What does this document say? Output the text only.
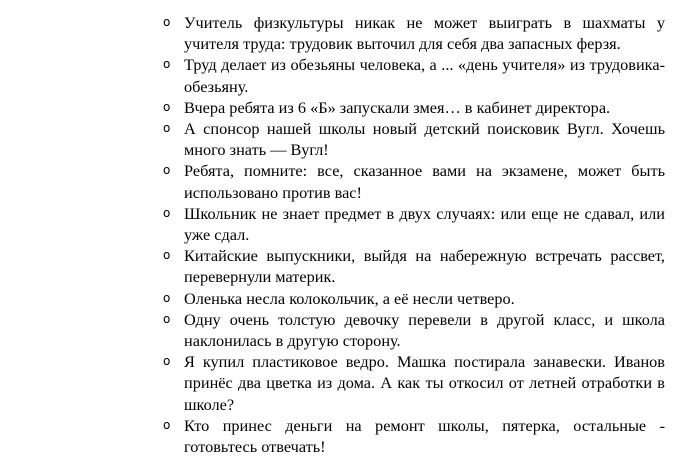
o Учитель физкультуры никак не может выиграть в шахматы у учителя труда: трудовик выточил для себя два запасных ферзя.
o Труд делает из обезьяны человека, а ... «день учителя» из трудовика-обезьяну.
o Вчера ребята из 6 «Б» запускали змея… в кабинет директора.
o А спонсор нашей школы новый детский поисковик Вугл. Хочешь много знать — Вугл!
o Ребята, помните: все, сказанное вами на экзамене, может быть использовано против вас!
o Школьник не знает предмет в двух случаях: или еще не сдавал, или уже сдал.
o Китайские выпускники, выйдя на набережную встречать рассвет, перевернули материк.
o Оленька несла колокольчик, а её несли четверо.
o Одну очень толстую девочку перевели в другой класс, и школа наклонилась в другую сторону.
o Я купил пластиковое ведро. Машка постирала занавески. Иванов принёс два цветка из дома. А как ты откосил от летней отработки в школе?
o Кто принес деньги на ремонт школы, пятерка, остальные - готовьтесь отвечать!
